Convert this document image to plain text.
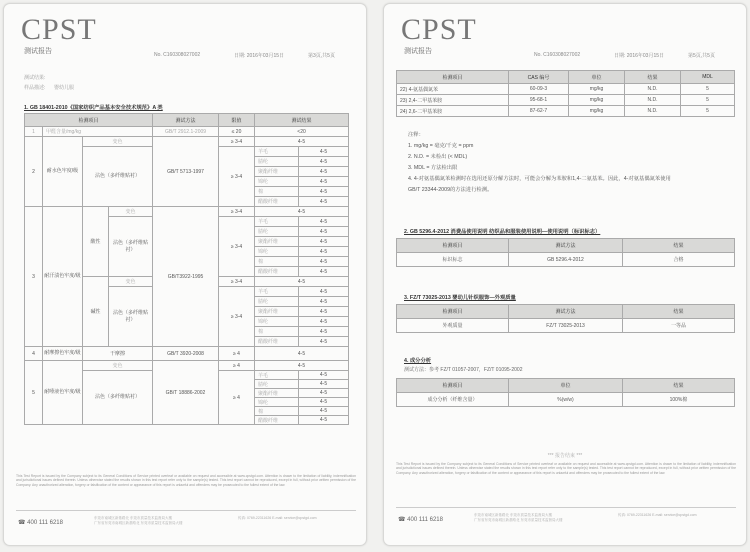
CPST
测试报告	No. C160308027002	日期: 2016年03月15日	第3页,共5页
测试结果:
样品描述: 婴幼儿服
1. GB 18401-2010《国家纺织产品基本安全技术规范》A 类
检测项目				测试方法	限值	测试结果	
1	甲醛含量/mg/kg			GB/T 2912.1-2009	≤ 20	<20	
2	耐水色牢度/级	变色		GB/T 5713-1997	≥ 3-4	4-5	
		沾色（多纤维贴衬）			≥ 3-4	羊毛	4-5
						腈纶	4-5
						聚酯纤维	4-5
						锦纶	4-5
						棉	4-5
						醋酸纤维	4-5
3	耐汗渍色牢度/级	酸性	变色	GB/T3922-1995	≥ 3-4	4-5	
			沾色（多纤维贴衬）		≥ 3-4	羊毛	4-5
						腈纶	4-5
						聚酯纤维	4-5
						锦纶	4-5
						棉	4-5
						醋酸纤维	4-5
		碱性	变色		≥ 3-4	4-5	
			沾色（多纤维贴衬）		≥ 3-4	羊毛	4-5
						腈纶	4-5
						聚酯纤维	4-5
						锦纶	4-5
						棉	4-5
						醋酸纤维	4-5
4	耐摩擦色牢度/级	干摩擦		GB/T 3920-2008	≥ 4	4-5	
5	耐唾液色牢度/级	变色		GB/T 18886-2002	≥ 4	4-5	
		沾色（多纤维贴衬）			≥ 4	羊毛	4-5
						腈纶	4-5
						聚酯纤维	4-5
						锦纶	4-5
						棉	4-5
						醋酸纤维	4-5
This Test Report is issued by the Company subject to its General Conditions of Service printed overleaf or available on request and accessible at www.cpstgd.com. Attention is drawn to the limitation of liability, indemnification and jurisdictional issues defined therein. Unless otherwise stated the results shown in this test report refer only to the sample(s) tested. This test report cannot be reproduced, except in full, without prior written permission of the Company. Any unauthorized alteration, forgery or falsification of the content or appearance of this report is unlawful and offenders may be prosecuted to the fullest extent of the law.
☎ 400 111 6218
东莞市南城区新基路北 东莞市质量技术监督局大楼
广东省东莞市南城区新基路北 东莞市质量技术监督局大楼
传真: 0769-22311626 E-mail: service@cpstgd.com
CPST
测试报告	No. C160308027002	日期: 2016年03月15日	第5页,共5页
检测项目	CAS 编号	单位	结果	MDL
22) 4-氨基偶氮苯	60-09-3	mg/kg	N.D.	5
23) 2,4-二甲基苯胺	95-68-1	mg/kg	N.D.	5
24) 2,6-二甲基苯胺	87-62-7	mg/kg	N.D.	5
注释：
1. mg/kg = 毫克/千克 = ppm
2. N.D. = 未检出 (< MDL)
3. MDL = 方法检出限
4. 4-对氨基偶氮苯检测时在选用还原分解方法时，可能会分解为苯胺和1,4-二氨基苯。因此，4-对氨基偶氮苯使用
GB/T 23344-2009的方法进行检测。
2. GB 5296.4-2012 消费品使用说明 纺织品和服装使用说明—使用说明（标识标志）
检测项目	测试方法	结果
标识标志	GB 5296.4-2012	合格
3. FZ/T 73025-2013 婴幼儿针织服饰—外观质量
检测项目	测试方法	结果
外观质量	FZ/T 73025-2013	一等品
4. 成分分析
测试方法：参考 FZ/T 01057-2007，FZ/T 01095-2002
检测项目	单位	结果
成分分析（纤维含量）	%(w/w)	100%棉
*** 报告结束 ***
This Test Report is issued by the Company subject to its General Conditions of Service printed overleaf or available on request and accessible at www.cpstgd.com. Attention is drawn to the limitation of liability, indemnification and jurisdictional issues defined therein. Unless otherwise stated the results shown in this test report refer only to the sample(s) tested. This test report cannot be reproduced, except in full, without prior written permission of the Company. Any unauthorized alteration, forgery or falsification of the content or appearance of this report is unlawful and offenders may be prosecuted to the fullest extent of the law.
☎ 400 111 6218
东莞市南城区新基路北 东莞市质量技术监督局大楼
广东省东莞市南城区新基路北 东莞市质量技术监督局大楼
传真: 0769-22311626 E-mail: service@cpstgd.com
